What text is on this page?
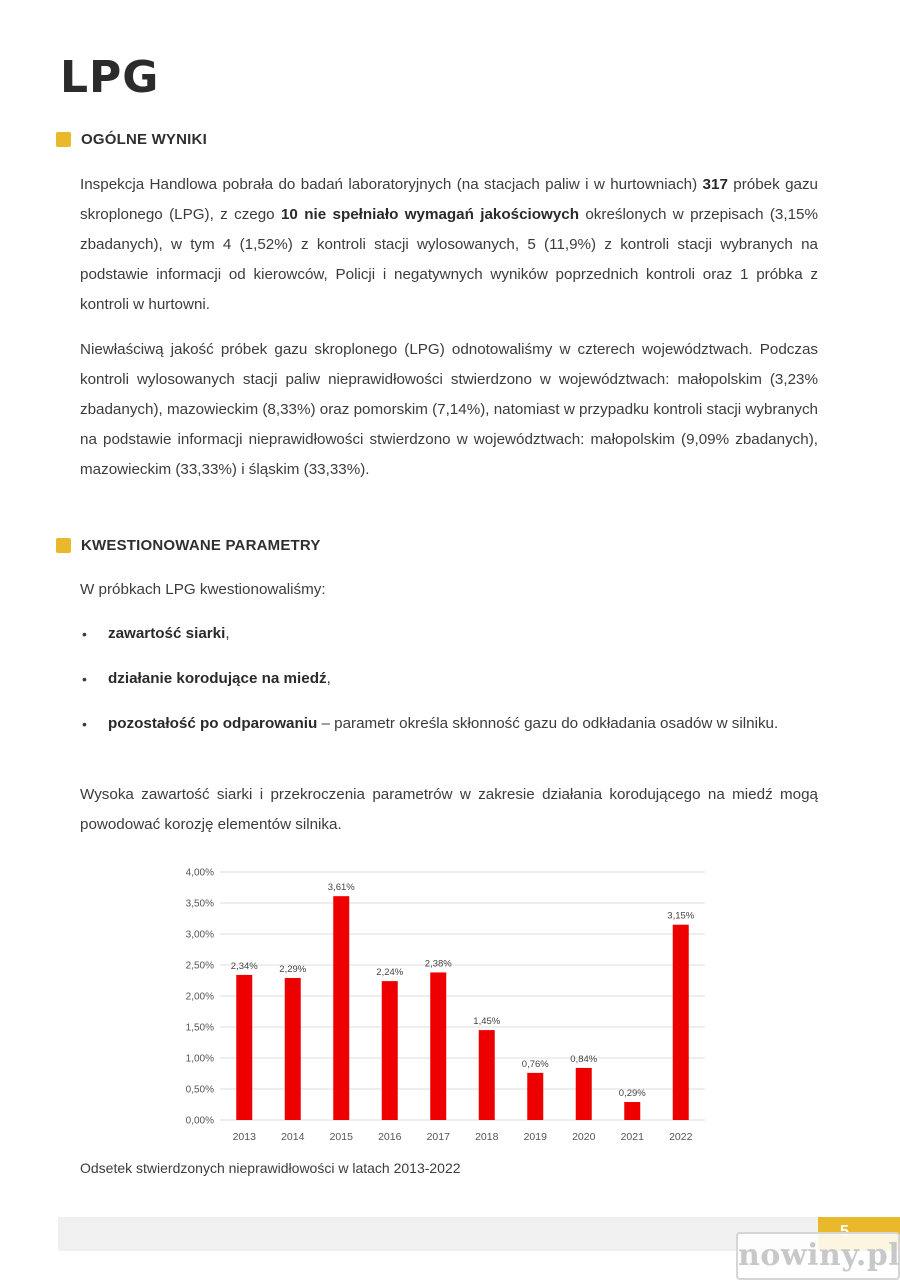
LPG
OGÓLNE WYNIKI

Inspekcja Handlowa pobrała do badań laboratoryjnych (na stacjach paliw i w hurtowniach) 317 próbek gazu skroplonego (LPG), z czego 10 nie spełniało wymagań jakościowych określonych w przepisach (3,15% zbadanych), w tym 4 (1,52%) z kontroli stacji wylosowanych, 5 (11,9%) z kontroli stacji wybranych na podstawie informacji od kierowców, Policji i negatywnych wyników poprzednich kontroli oraz 1 próbka z kontroli w hurtowni.

Niewłaściwą jakość próbek gazu skroplonego (LPG) odnotowaliśmy w czterech województwach. Podczas kontroli wylosowanych stacji paliw nieprawidłowości stwierdzono w województwach: małopolskim (3,23% zbadanych), mazowieckim (8,33%) oraz pomorskim (7,14%), natomiast w przypadku kontroli stacji wybranych na podstawie informacji nieprawidłowości stwierdzono w województwach: małopolskim (9,09% zbadanych), mazowieckim (33,33%) i śląskim (33,33%).

KWESTIONOWANE PARAMETRY

W próbkach LPG kwestionowaliśmy:

• zawartość siarki,
• działanie korodujące na miedź,
• pozostałość po odparowaniu – parametr określa skłonność gazu do odkładania osadów w silniku.

Wysoka zawartość siarki i przekroczenia parametrów w zakresie działania korodującego na miedź mogą powodować korozję elementów silnika.

0,00%
0,50%
1,00%
1,50%
2,00%
2,50%
3,00%
3,50%
4,00%
2,34%
2013
2,29%
2014
3,61%
2015
2,24%
2016
2,38%
2017
1,45%
2018
0,76%
2019
0,84%
2020
0,29%
2021
3,15%
2022

Odsetek stwierdzonych nieprawidłowości w latach 2013-2022

nowiny.pl
